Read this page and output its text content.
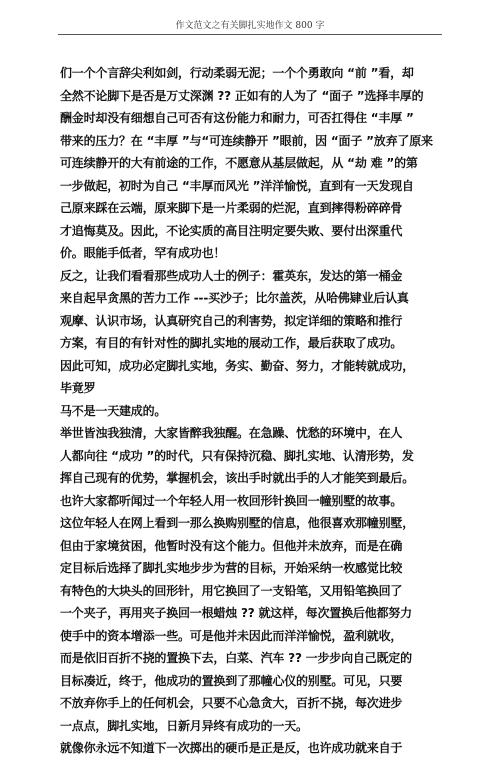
作文范文之有关脚扎实地作文 800 字
们一个个言辞尖利如剑，行动柔弱无泥；一个个勇敢向 “前 ”看，却
全然不论脚下是否是万丈深渊 ?? 正如有的人为了 “面子 ”选择丰厚的
酬金时却没有细想自己可否有这份能力和耐力，可否扛得住 “丰厚 ”
带来的压力？在 “丰厚 ”与“可连续静开 ”眼前，因 “面子 ”放弃了原来
可连续静开的大有前途的工作，不愿意从基层做起，从 “劫 难 ”的第
一步做起，初时为自己 “丰厚而风光 ”洋洋愉悦，直到有一天发现自
己原来踩在云端，原来脚下是一片柔弱的烂泥，直到摔得粉碎碎骨
才追悔莫及。因此，不论实质的高目注明定要失败、要付出深重代
价。眼能手低者，罕有成功也！
反之，让我们看看那些成功人士的例子：霍英东，发达的第一桶金
来自起早贪黑的苦力工作 ---买沙子；比尔盖茨，从哈佛肄业后认真
观摩、认识市场，认真研究自己的利害势，拟定详细的策略和推行
方案，有目的有针对性的脚扎实地的展动工作，最后获取了成功。
因此可知，成功必定脚扎实地，务实、勤奋、努力，才能转就成功，
毕竟罗
马不是一天建成的。
举世皆浊我独清，大家皆醉我独醒。在急躁、忧愁的环境中，在人
人都向往 “成功 ”的时代，只有保持沉稳、脚扎实地、认清形势，发
挥自己现有的优势，掌握机会，该出手时就出手的人才能笑到最后。
也许大家都听闻过一个年轻人用一枚回形针换回一幢别墅的故事。
这位年轻人在网上看到一那么换购别墅的信息，他很喜欢那幢别墅，
但由于家境贫困，他暂时没有这个能力。但他并未放弃，而是在确
定目标后选择了脚扎实地步步为营的目标，开始采纳一枚感觉比较
有特色的大块头的回形针，用它换回了一支铅笔，又用铅笔换回了
一个夹子，再用夹子换回一根蜡烛 ?? 就这样，每次置换后他都努力
使手中的资本增添一些。可是他并未因此而洋洋愉悦，盈利就收，
而是依旧百折不挠的置换下去，白菜、汽车 ?? 一步步向自己既定的
目标凑近，终于，他成功的置换到了那幢心仪的别墅。可见，只要
不放弃你手上的任何机会，只要不心急贪大，百折不挠，每次进步
一点点，脚扎实地，日新月异终有成功的一天。
就像你永远不知道下一次掷出的硬币是正是反，也许成功就来自于
